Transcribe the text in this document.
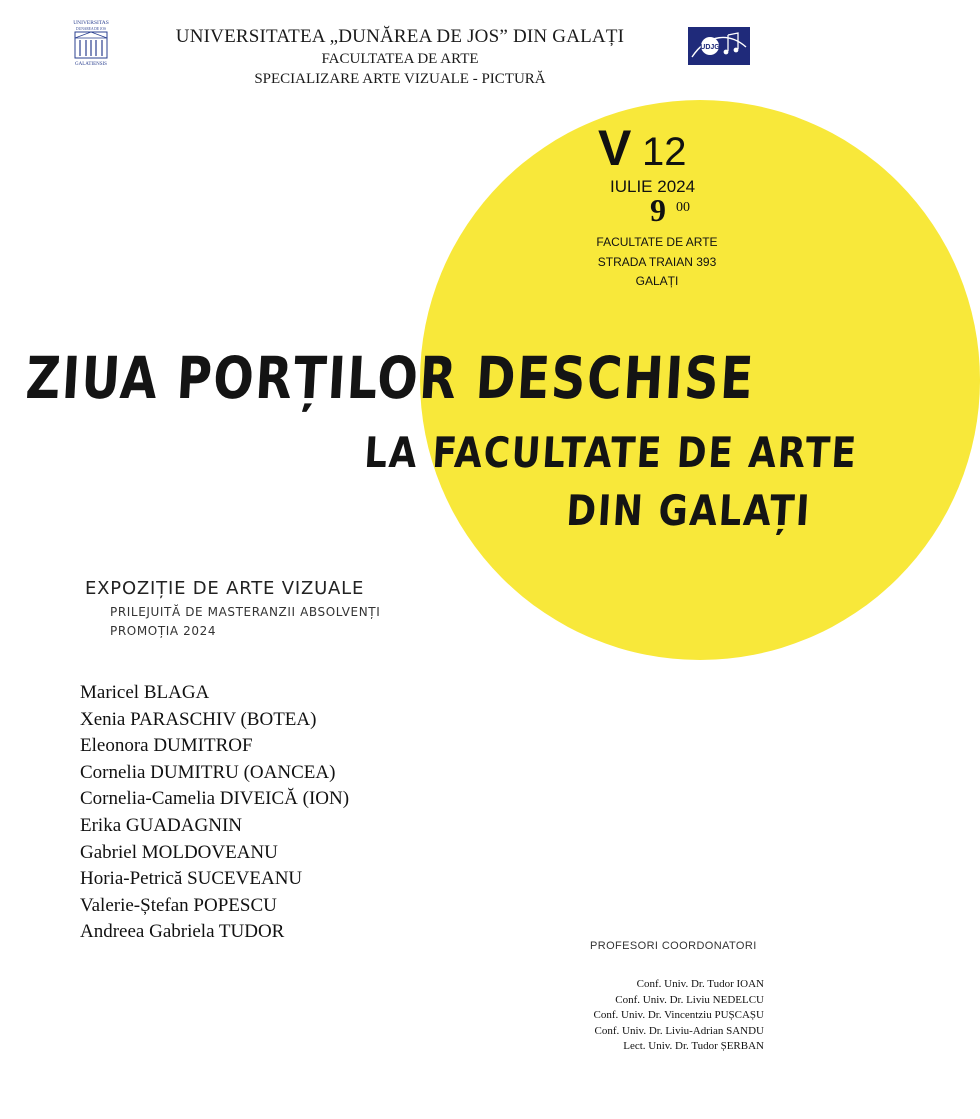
UNIVERSITAS
DUNAREA DE JOS
GALATIENSIS
UDJG
UNIVERSITATEA „DUNĂREA DE JOS” DIN GALAȚI
FACULTATEA DE ARTE
SPECIALIZARE ARTE VIZUALE - PICTURĂ
V 12
IULIE 2024
9 00
FACULTATE DE ARTE
STRADA TRAIAN 393
GALAȚI
ZIUA PORȚILOR DESCHISE
LA FACULTATE DE ARTE
DIN GALAȚI
EXPOZIȚIE DE ARTE VIZUALE
PRILEJUITĂ DE MASTERANZII ABSOLVENȚI
PROMOȚIA 2024
Maricel BLAGA
Xenia PARASCHIV (BOTEA)
Eleonora DUMITROF
Cornelia DUMITRU (OANCEA)
Cornelia-Camelia DIVEICĂ (ION)
Erika GUADAGNIN
Gabriel MOLDOVEANU
Horia-Petrică SUCEVEANU
Valerie-Ștefan POPESCU
Andreea Gabriela TUDOR
PROFESORI COORDONATORI
Conf. Univ. Dr. Tudor IOAN
Conf. Univ. Dr. Liviu NEDELCU
Conf. Univ. Dr. Vincentziu PUȘCAȘU
Conf. Univ. Dr. Liviu-Adrian SANDU
Lect. Univ. Dr. Tudor ȘERBAN
